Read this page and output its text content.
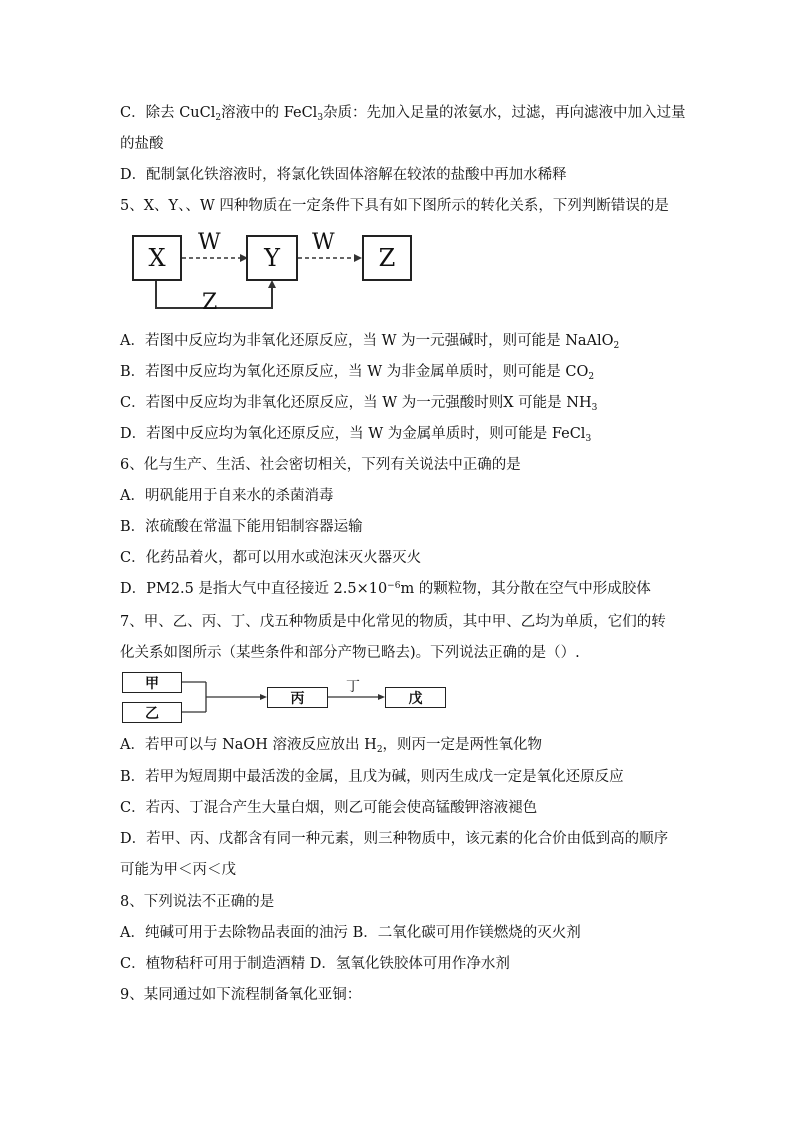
C．除去 CuCl$_2$溶液中的 FeCl$_3$杂质：先加入足量的浓氨水，过滤，再向滤液中加入过量
的盐酸
D．配制氯化铁溶液时，将氯化铁固体溶解在较浓的盐酸中再加水稀释
5、X、Y、、W 四种物质在一定条件下具有如下图所示的转化关系，下列判断错误的是
X	Y	Z
W	W
Z
A．若图中反应均为非氧化还原反应，当 W 为一元强碱时，则可能是 NaAlO$_2$
B．若图中反应均为氧化还原反应，当 W 为非金属单质时，则可能是 $CO_2$
C．若图中反应均为非氧化还原反应，当 W 为一元强酸时则X 可能是 $NH_3$
D．若图中反应均为氧化还原反应，当 W 为金属单质时，则可能是 FeCl$_3$
6、化与生产、生活、社会密切相关，下列有关说法中正确的是
A．明矾能用于自来水的杀菌消毒
B．浓硫酸在常温下能用铝制容器运输
C．化药品着火，都可以用水或泡沫灭火器灭火
D．PM2.5 是指大气中直径接近 $2.5\times 10^{-6}m$ 的颗粒物，其分散在空气中形成胶体
7、甲、乙、丙、丁、戊五种物质是中化常见的物质，其中甲、乙均为单质，它们的转
化关系如图所示（某些条件和部分产物已略去)。下列说法正确的是（）.
甲
乙
丙	戊
丁
A．若甲可以与 NaOH 溶液反应放出 $H_2$，则丙一定是两性氧化物
B．若甲为短周期中最活泼的金属，且戊为碱，则丙生成戊一定是氧化还原反应
C．若丙、丁混合产生大量白烟，则乙可能会使高锰酸钾溶液褪色
D．若甲、丙、戊都含有同一种元素，则三种物质中，该元素的化合价由低到高的顺序
可能为甲＜丙＜戊
8、下列说法不正确的是
A．纯碱可用于去除物品表面的油污 B．二氧化碳可用作镁燃烧的灭火剂
C．植物秸秆可用于制造酒精 D．氢氧化铁胶体可用作净水剂
9、某同通过如下流程制备氧化亚铜：
